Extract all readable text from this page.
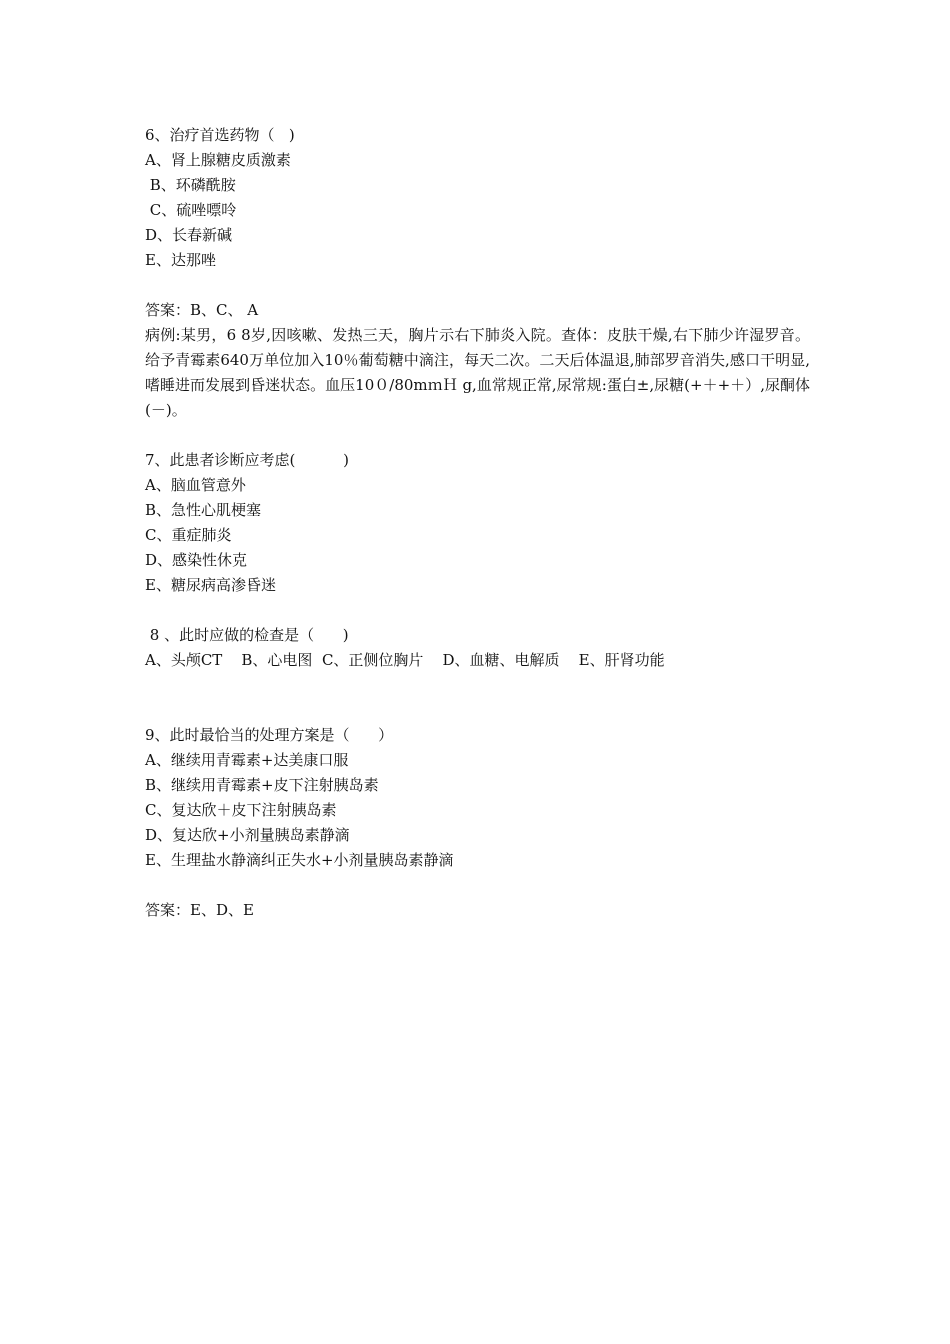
6、治疗首选药物（   )
A、肾上腺糖皮质激素
B、环磷酰胺
C、硫唑嘌呤
D、长春新碱
E、达那唑
答案：B、C、 A
病例:某男，6 8岁,因咳嗽、发热三天，胸片示右下肺炎入院。查体：皮肤干燥,右下肺少许湿罗音。给予青霉素640万单位加入10％葡萄糖中滴注，每天二次。二天后体温退,肺部罗音消失,感口干明显,嗜睡进而发展到昏迷状态。血压10０/80mｍＨ g,血常规正常,尿常规:蛋白±,尿糖(+＋+＋）,尿酮体(－)。
7、此患者诊断应考虑(          )
A、脑血管意外
B、急性心肌梗塞
C、重症肺炎
D、感染性休克
E、糖尿病高渗昏迷
8 、此时应做的检查是（      )
A、头颅CT    B、心电图  C、正侧位胸片    D、血糖、电解质    E、肝肾功能
9、此时最恰当的处理方案是（      ）
A、继续用青霉素+达美康口服
B、继续用青霉素+皮下注射胰岛素
C、复达欣＋皮下注射胰岛素
D、复达欣+小剂量胰岛素静滴
E、生理盐水静滴纠正失水+小剂量胰岛素静滴
答案：E、D、E
